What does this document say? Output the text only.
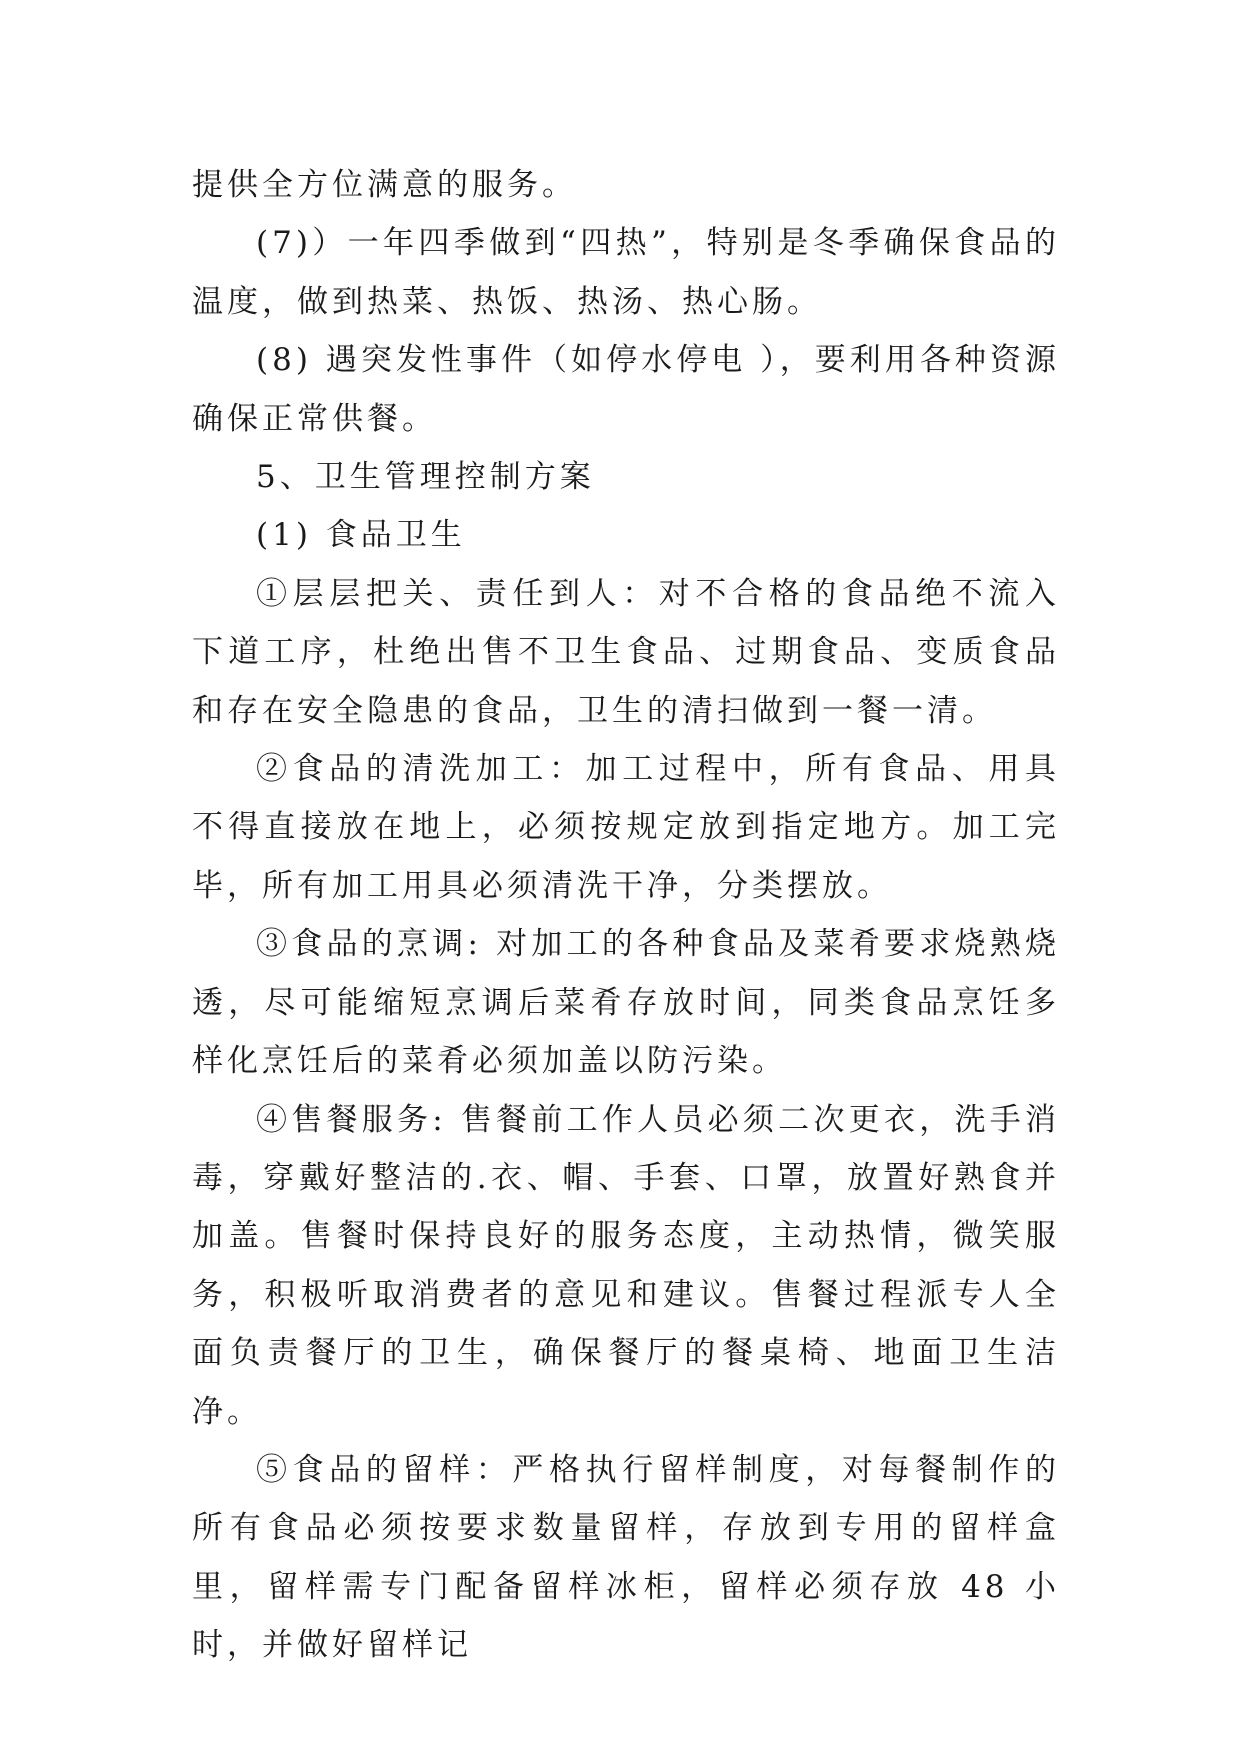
提供全方位满意的服务。

(7)）一年四季做到“四热”，特别是冬季确保食品的温度，做到热菜、热饭、热汤、热心肠。

(8) 遇突发性事件（如停水停电 ），要利用各种资源确保正常供餐。

5、卫生管理控制方案

(1) 食品卫生

①层层把关、责任到人：对不合格的食品绝不流入下道工序，杜绝出售不卫生食品、过期食品、变质食品和存在安全隐患的食品，卫生的清扫做到一餐一清。

②食品的清洗加工：加工过程中，所有食品、用具不得直接放在地上，必须按规定放到指定地方。加工完毕，所有加工用具必须清洗干净，分类摆放。

③食品的烹调: 对加工的各种食品及菜肴要求烧熟烧透，尽可能缩短烹调后菜肴存放时间，同类食品烹饪多样化烹饪后的菜肴必须加盖以防污染。

④售餐服务: 售餐前工作人员必须二次更衣，洗手消毒，穿戴好整洁的.衣、帽、手套、口罩，放置好熟食并加盖。售餐时保持良好的服务态度，主动热情，微笑服务，积极听取消费者的意见和建议。售餐过程派专人全面负责餐厅的卫生，确保餐厅的餐桌椅、地面卫生洁净。

⑤食品的留样：严格执行留样制度，对每餐制作的所有食品必须按要求数量留样，存放到专用的留样盒里，留样需专门配备留样冰柜，留样必须存放 48 小时，并做好留样记
